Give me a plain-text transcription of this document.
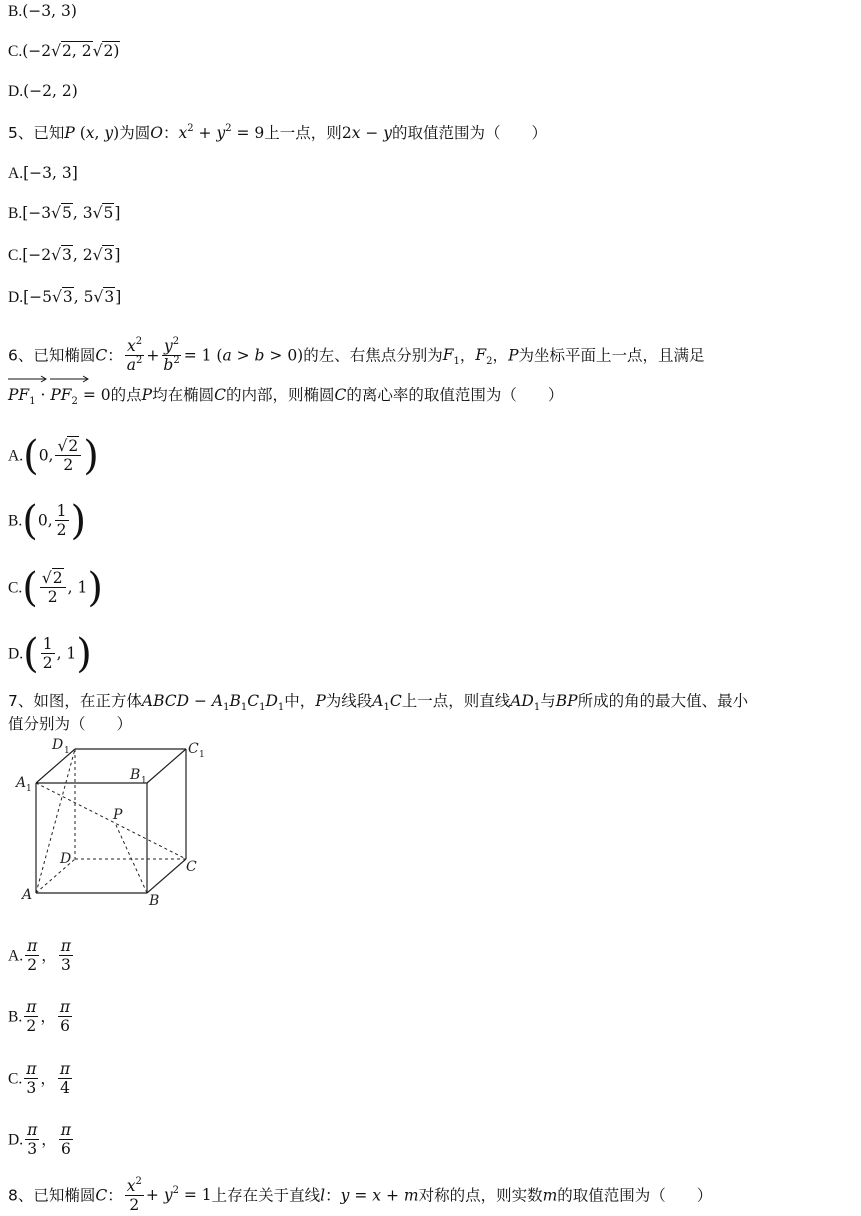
B.(−3, 3)
C.(−2√2, 2√2)
D.(−2, 2)
5、已知P (x, y)为圆O：$x^2 + y^2 = 9$上一点，则2x − y的取值范围为（　　）
A.[−3, 3]
B.[−3√5, 3√5]
C.[−2√3, 2√3]
D.[−5√3, 5√3]
6、已知椭圆C： $\frac{x^2}{a^2} + \frac{y^2}{b^2} = 1$ (a > b > 0)的左、右焦点分别为$F_1$，$F_2$，P为坐标平面上一点，且满足
$PF_1$ ·
$PF_2 = 0$的点P均在椭圆C的内部，则椭圆C的离心率的取值范围为（　　）
A.(0, $\frac{√2}{2}$ )
B.(0, $\frac{1}{2}$ )
$C.( \frac{√2}{2}$ , 1)
$D.( \frac{1}{2}$ , 1)
7、如图，在正方体ABCD − $A_1B_1C_1D_1$中，P为线段$A_1C$上一点，则直线$AD_1$与BP所成的角的最大值、最小
值分别为（　　）
D 1	C 1
A 1
B 1
P
D	C
A	B
A. $\frac{\pi}{2}$ ， $\frac{\pi}{3}$
B. $\frac{\pi}{2}$ ， $\frac{\pi}{6}$
C. $\frac{\pi}{3}$ ， $\frac{\pi}{4}$
D. $\frac{\pi}{3}$ ， $\frac{\pi}{6}$
8、已知椭圆C： $\frac{x^2}{2} + y^2 = 1$上存在关于直线l：y = x + m对称的点，则实数m的取值范围为（　　）
